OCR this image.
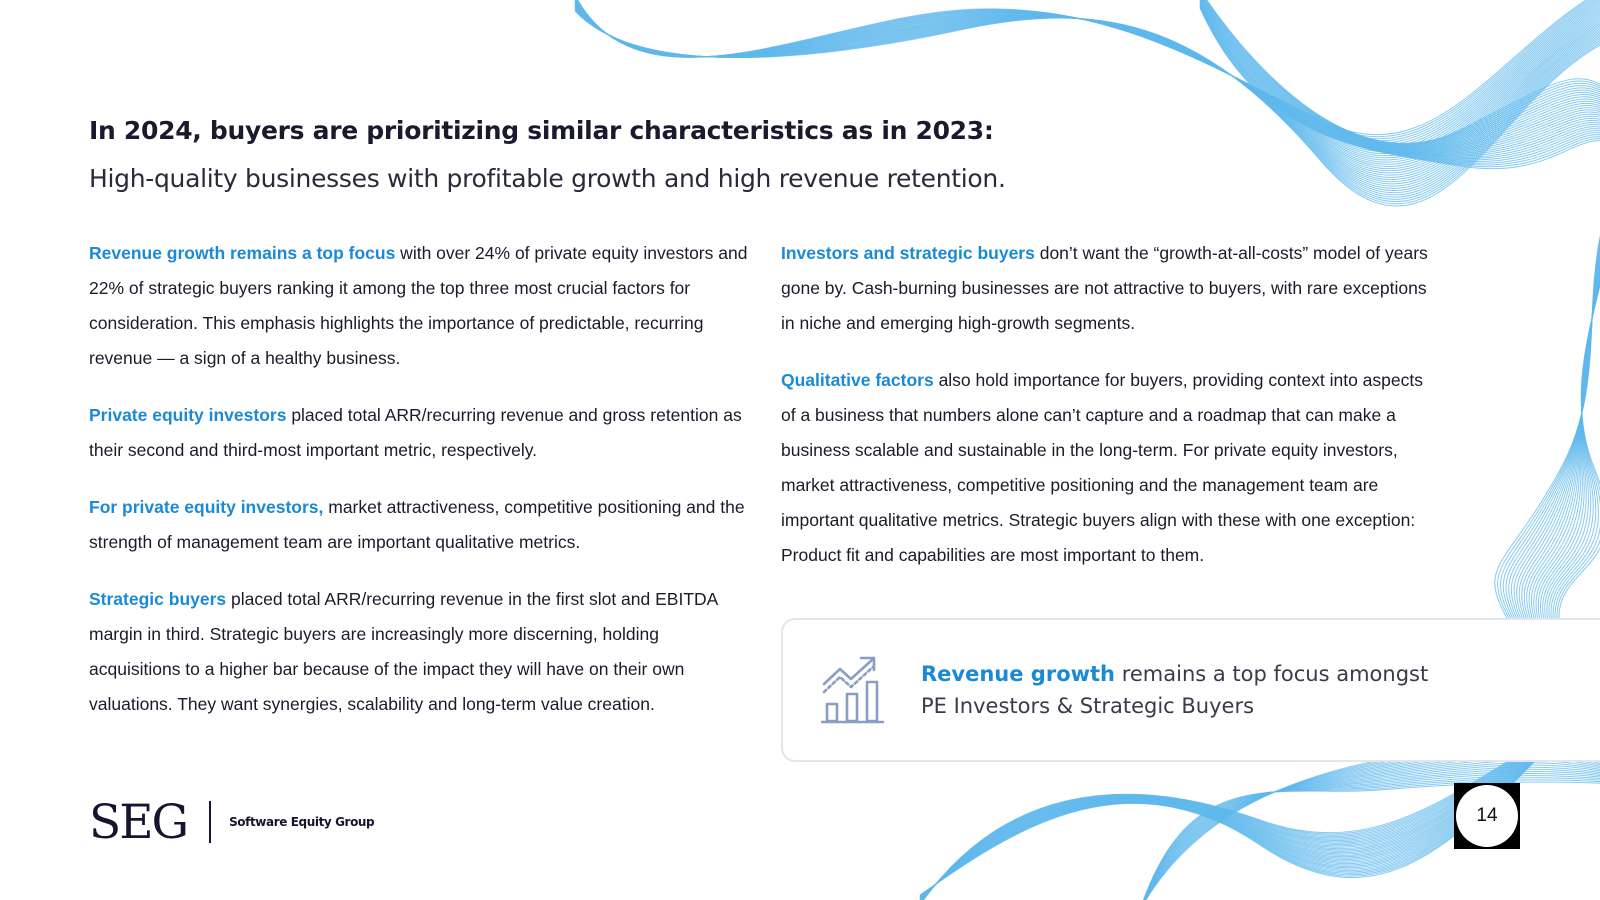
In 2024, buyers are prioritizing similar characteristics as in 2023:
High-quality businesses with profitable growth and high revenue retention.

Revenue growth remains a top focus with over 24% of private equity investors and 22% of strategic buyers ranking it among the top three most crucial factors for consideration. This emphasis highlights the importance of predictable, recurring revenue — a sign of a healthy business.

Private equity investors placed total ARR/recurring revenue and gross retention as their second and third-most important metric, respectively.

For private equity investors, market attractiveness, competitive positioning and the strength of management team are important qualitative metrics.

Strategic buyers placed total ARR/recurring revenue in the first slot and EBITDA margin in third. Strategic buyers are increasingly more discerning, holding acquisitions to a higher bar because of the impact they will have on their own valuations. They want synergies, scalability and long-term value creation.

Investors and strategic buyers don’t want the “growth-at-all-costs” model of years gone by. Cash-burning businesses are not attractive to buyers, with rare exceptions in niche and emerging high-growth segments.

Qualitative factors also hold importance for buyers, providing context into aspects of a business that numbers alone can’t capture and a roadmap that can make a business scalable and sustainable in the long-term. For private equity investors, market attractiveness, competitive positioning and the management team are important qualitative metrics. Strategic buyers align with these with one exception: Product fit and capabilities are most important to them.

Revenue growth remains a top focus amongst PE Investors & Strategic Buyers
SEG	Software Equity Group	14
